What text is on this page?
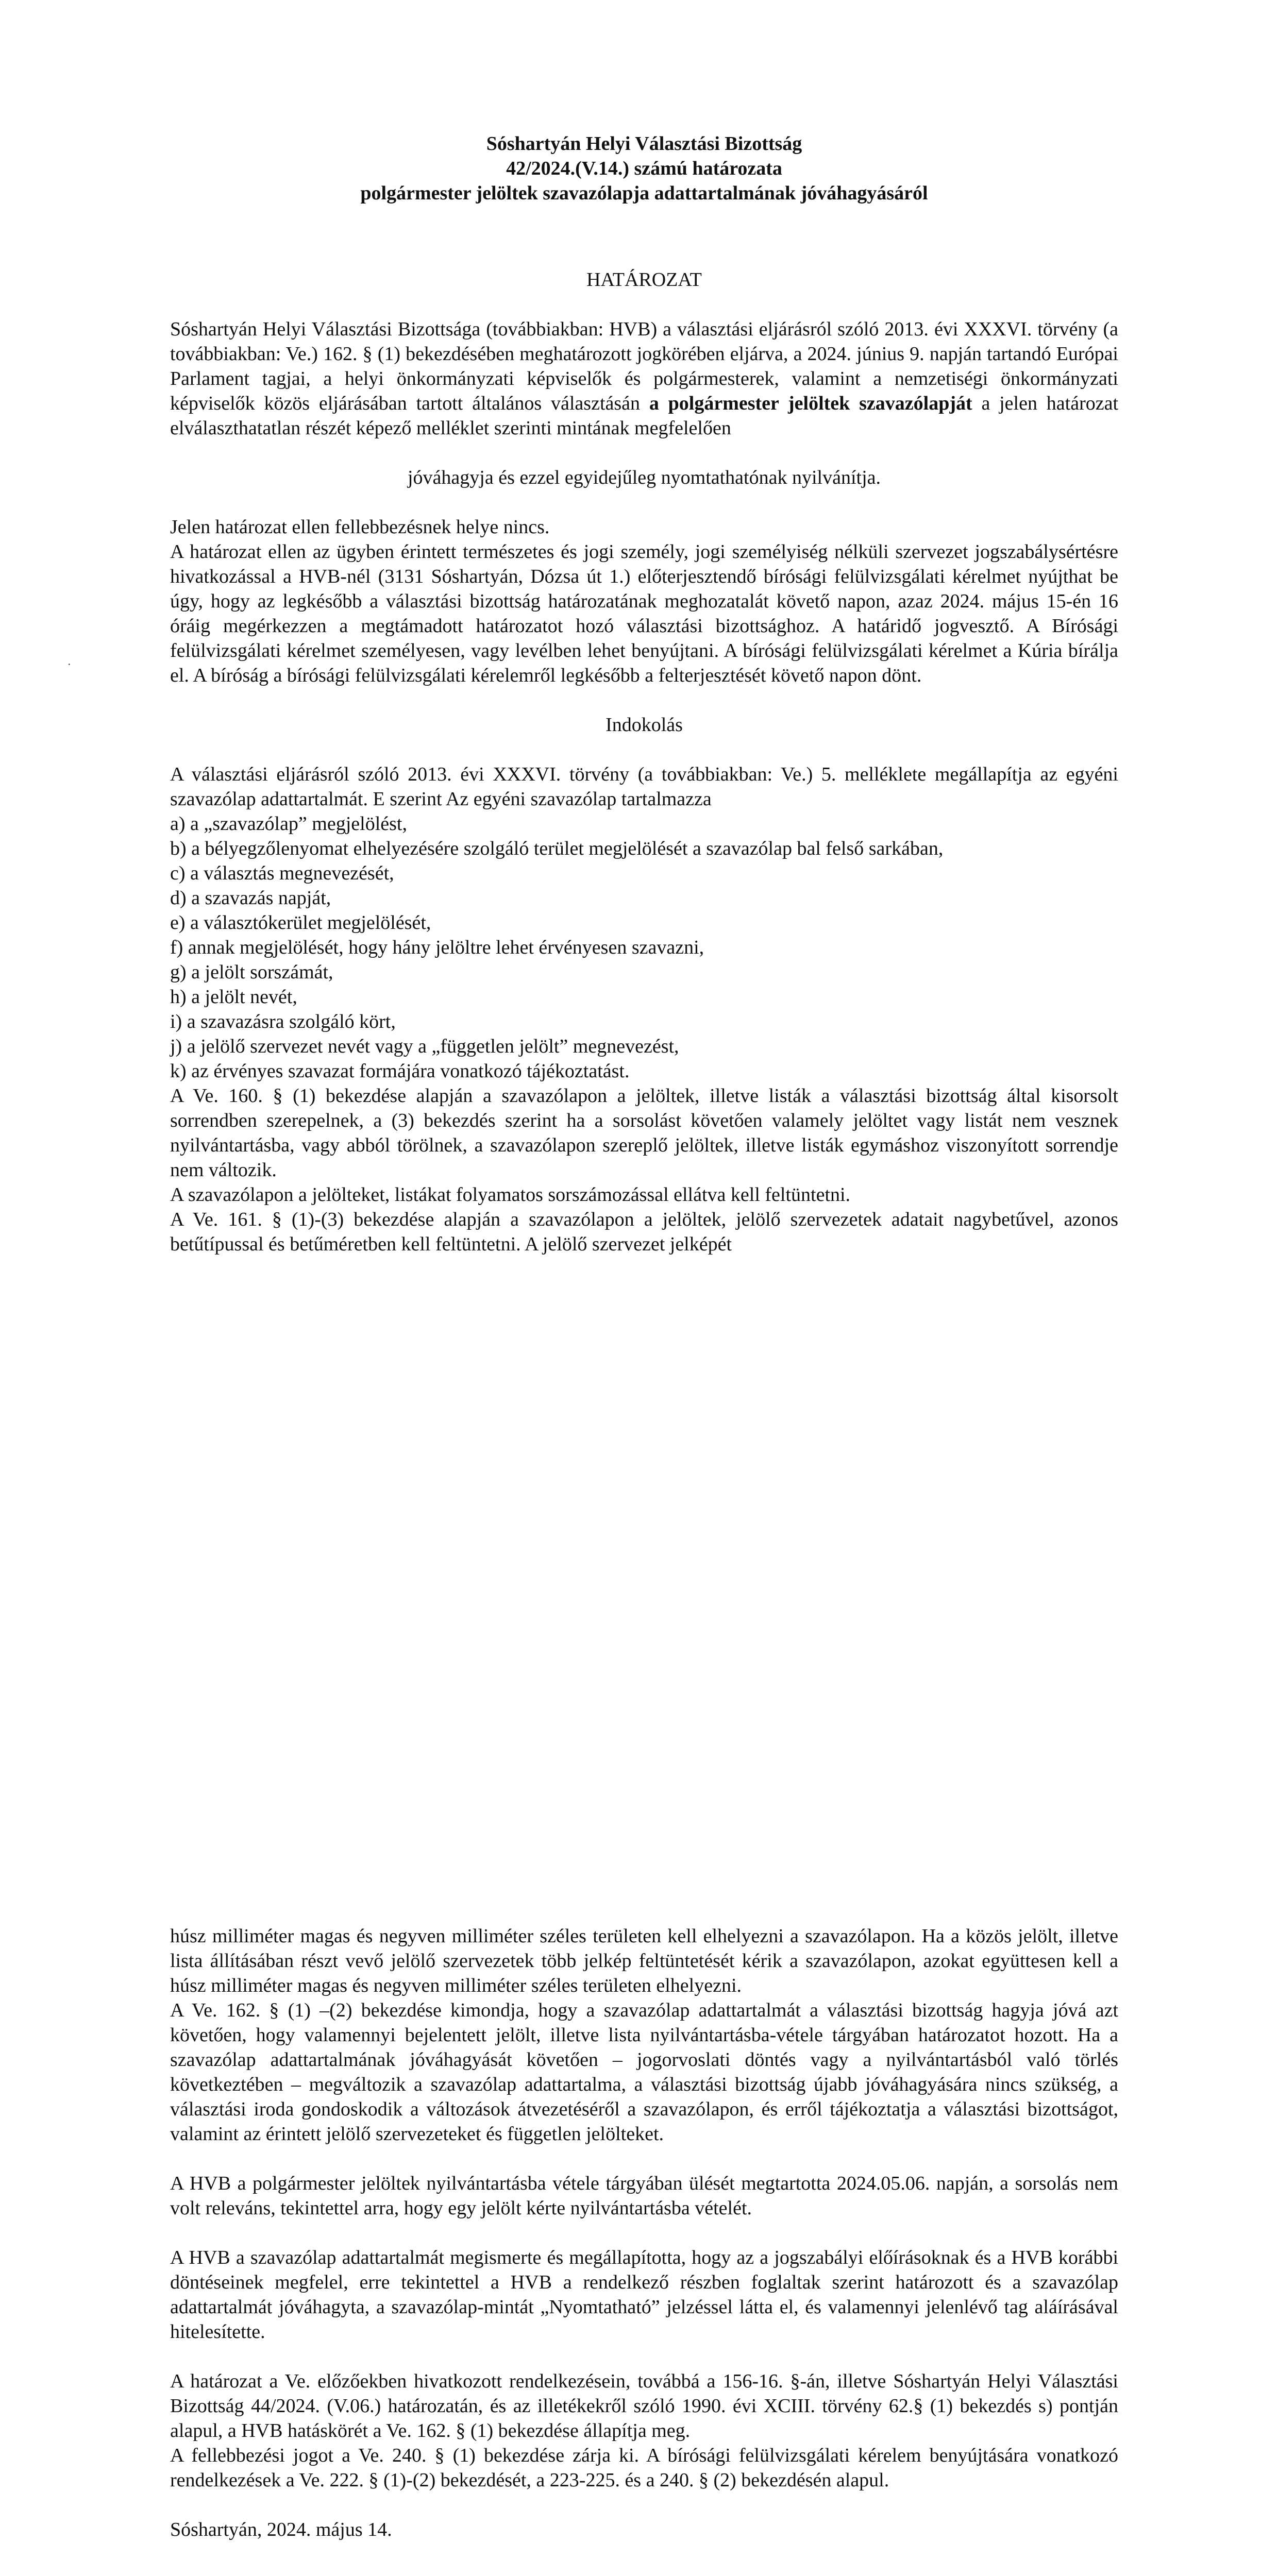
·

Sóshartyán Helyi Választási Bizottság

42/2024.(V.14.) számú határozata

polgármester jelöltek szavazólapja adattartalmának jóváhagyásáról

HATÁROZAT

Sóshartyán Helyi Választási Bizottsága (továbbiakban: HVB) a választási eljárásról szóló 2013. évi XXXVI. törvény (a továbbiakban: Ve.) 162. § (1) bekezdésében meghatározott jogkörében eljárva, a 2024. június 9. napján tartandó Európai Parlament tagjai, a helyi önkormányzati képviselők és polgármesterek, valamint a nemzetiségi önkormányzati képviselők közös eljárásában tartott általános választásán a polgármester jelöltek szavazólapját a jelen határozat elválaszthatatlan részét képező melléklet szerinti mintának megfelelően

jóváhagyja és ezzel egyidejűleg nyomtathatónak nyilvánítja.

Jelen határozat ellen fellebbezésnek helye nincs.

A határozat ellen az ügyben érintett természetes és jogi személy, jogi személyiség nélküli szervezet jogszabálysértésre hivatkozással a HVB-nél (3131 Sóshartyán, Dózsa út 1.) előterjesztendő bírósági felülvizsgálati kérelmet nyújthat be úgy, hogy az legkésőbb a választási bizottság határozatának meghozatalát követő napon, azaz 2024. május 15-én 16 óráig megérkezzen a megtámadott határozatot hozó választási bizottsághoz. A határidő jogvesztő. A Bírósági felülvizsgálati kérelmet személyesen, vagy levélben lehet benyújtani. A bírósági felülvizsgálati kérelmet a Kúria bírálja el. A bíróság a bírósági felülvizsgálati kérelemről legkésőbb a felterjesztését követő napon dönt.

Indokolás

A választási eljárásról szóló 2013. évi XXXVI. törvény (a továbbiakban: Ve.) 5. melléklete megállapítja az egyéni szavazólap adattartalmát. E szerint Az egyéni szavazólap tartalmazza

a) a „szavazólap” megjelölést,

b) a bélyegzőlenyomat elhelyezésére szolgáló terület megjelölését a szavazólap bal felső sarkában,

c) a választás megnevezését,

d) a szavazás napját,

e) a választókerület megjelölését,

f) annak megjelölését, hogy hány jelöltre lehet érvényesen szavazni,

g) a jelölt sorszámát,

h) a jelölt nevét,

i) a szavazásra szolgáló kört,

j) a jelölő szervezet nevét vagy a „független jelölt” megnevezést,

k) az érvényes szavazat formájára vonatkozó tájékoztatást.

A Ve. 160. § (1) bekezdése alapján a szavazólapon a jelöltek, illetve listák a választási bizottság által kisorsolt sorrendben szerepelnek, a (3) bekezdés szerint ha a sorsolást követően valamely jelöltet vagy listát nem vesznek nyilvántartásba, vagy abból törölnek, a szavazólapon szereplő jelöltek, illetve listák egymáshoz viszonyított sorrendje nem változik.

A szavazólapon a jelölteket, listákat folyamatos sorszámozással ellátva kell feltüntetni.

A Ve. 161. § (1)-(3) bekezdése alapján a szavazólapon a jelöltek, jelölő szervezetek adatait nagybetűvel, azonos betűtípussal és betűméretben kell feltüntetni. A jelölő szervezet jelképét

húsz milliméter magas és negyven milliméter széles területen kell elhelyezni a szavazólapon. Ha a közös jelölt, illetve lista állításában részt vevő jelölő szervezetek több jelkép feltüntetését kérik a szavazólapon, azokat együttesen kell a húsz milliméter magas és negyven milliméter széles területen elhelyezni.

A Ve. 162. § (1) –(2) bekezdése kimondja, hogy a szavazólap adattartalmát a választási bizottság hagyja jóvá azt követően, hogy valamennyi bejelentett jelölt, illetve lista nyilvántartásba-vétele tárgyában határozatot hozott. Ha a szavazólap adattartalmának jóváhagyását követően – jogorvoslati döntés vagy a nyilvántartásból való törlés következtében – megváltozik a szavazólap adattartalma, a választási bizottság újabb jóváhagyására nincs szükség, a választási iroda gondoskodik a változások átvezetéséről a szavazólapon, és erről tájékoztatja a választási bizottságot, valamint az érintett jelölő szervezeteket és független jelölteket.

A HVB a polgármester jelöltek nyilvántartásba vétele tárgyában ülését megtartotta 2024.05.06. napján, a sorsolás nem volt releváns, tekintettel arra, hogy egy jelölt kérte nyilvántartásba vételét.

A HVB a szavazólap adattartalmát megismerte és megállapította, hogy az a jogszabályi előírásoknak és a HVB korábbi döntéseinek megfelel, erre tekintettel a HVB a rendelkező részben foglaltak szerint határozott és a szavazólap adattartalmát jóváhagyta, a szavazólap-mintát „Nyomtatható” jelzéssel látta el, és valamennyi jelenlévő tag aláírásával hitelesítette.

A határozat a Ve. előzőekben hivatkozott rendelkezésein, továbbá a 156-16. §-án, illetve Sóshartyán Helyi Választási Bizottság 44/2024. (V.06.) határozatán, és az illetékekről szóló 1990. évi XCIII. törvény 62.§ (1) bekezdés s) pontján alapul, a HVB hatáskörét a Ve. 162. § (1) bekezdése állapítja meg.

A fellebbezési jogot a Ve. 240. § (1) bekezdése zárja ki. A bírósági felülvizsgálati kérelem benyújtására vonatkozó rendelkezések a Ve. 222. § (1)-(2) bekezdését, a 223-225. és a 240. § (2) bekezdésén alapul.

Sóshartyán, 2024. május 14.
